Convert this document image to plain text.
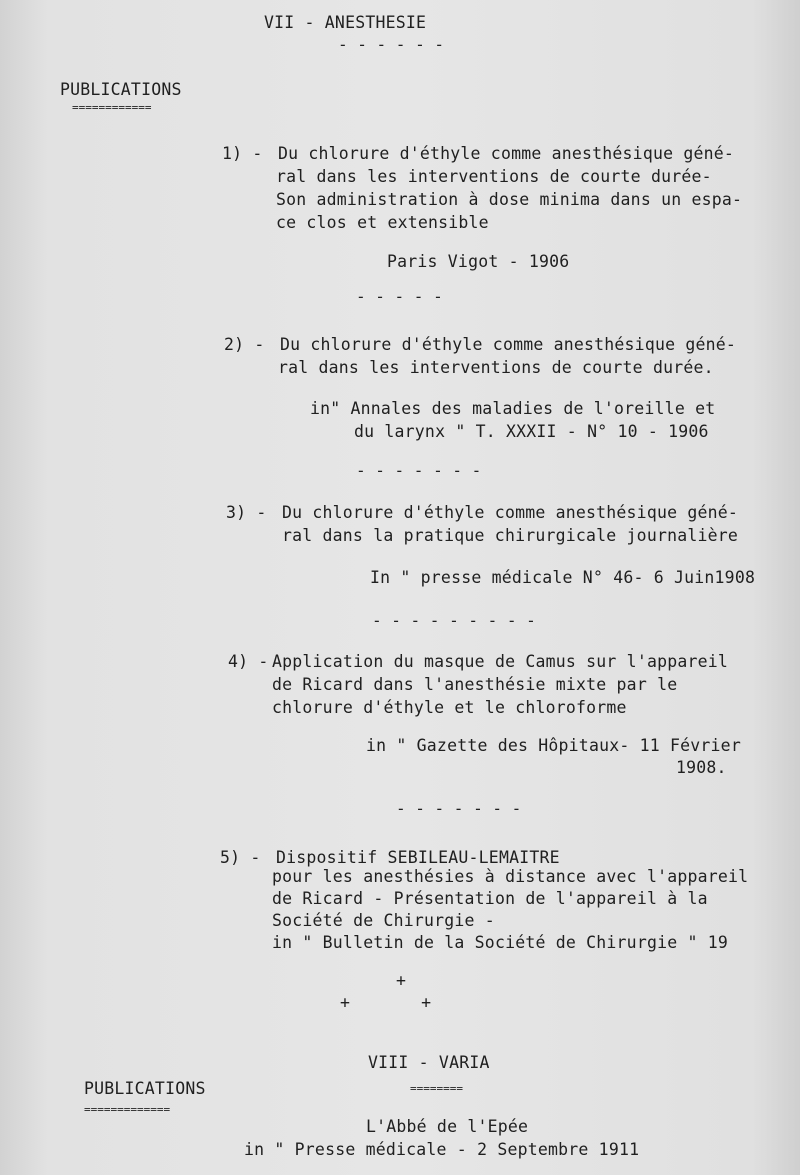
VII - ANESTHESIE
- - - - - -
PUBLICATIONS
============
1) - Du chlorure d'éthyle comme anesthésique géné-
ral dans les interventions de courte durée-
Son administration à dose minima dans un espa-
ce clos et extensible
Paris Vigot - 1906
- - - - -
2) - Du chlorure d'éthyle comme anesthésique géné-
ral dans les interventions de courte durée.
in" Annales des maladies de l'oreille et
du larynx " T. XXXII - N° 10 - 1906
- - - - - - -
3) - Du chlorure d'éthyle comme anesthésique géné-
ral dans la pratique chirurgicale journalière
In " presse médicale N° 46- 6 Juin1908
- - - - - - - - -
4) - Application du masque de Camus sur l'appareil
de Ricard dans l'anesthésie mixte par le
chlorure d'éthyle et le chloroforme
in " Gazette des Hôpitaux- 11 Février
1908.
- - - - - - -
5) - Dispositif SEBILEAU-LEMAITRE
pour les anesthésies à distance avec l'appareil
de Ricard - Présentation de l'appareil à la
Société de Chirurgie -
in " Bulletin de la Société de Chirurgie " 19
+
+       +
VIII - VARIA
========
PUBLICATIONS
=============
L'Abbé de l'Epée
in " Presse médicale - 2 Septembre 1911
